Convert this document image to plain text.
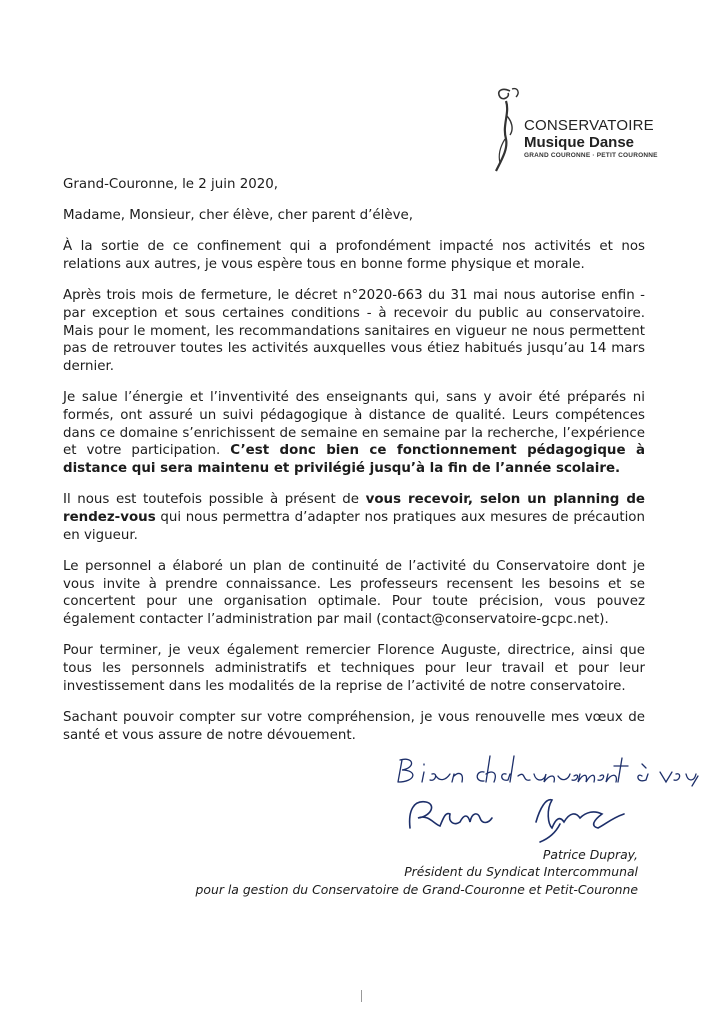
CONSERVATOIRE
Musique Danse
GRAND COURONNE · PETIT COURONNE

Grand-Couronne, le 2 juin 2020,

Madame, Monsieur, cher élève, cher parent d’élève,

À la sortie de ce confinement qui a profondément impacté nos activités et nos relations aux autres, je vous espère tous en bonne forme physique et morale.

Après trois mois de fermeture, le décret n°2020-663 du 31 mai nous autorise enfin - par exception et sous certaines conditions - à recevoir du public au conservatoire. Mais pour le moment, les recommandations sanitaires en vigueur ne nous permettent pas de retrouver toutes les activités auxquelles vous étiez habitués jusqu’au 14 mars dernier.

Je salue l’énergie et l’inventivité des enseignants qui, sans y avoir été préparés ni formés, ont assuré un suivi pédagogique à distance de qualité. Leurs compétences dans ce domaine s’enrichissent de semaine en semaine par la recherche, l’expérience et votre participation. C’est donc bien ce fonctionnement pédagogique à distance qui sera maintenu et privilégié jusqu’à la fin de l’année scolaire.

Il nous est toutefois possible à présent de vous recevoir, selon un planning de rendez-vous qui nous permettra d’adapter nos pratiques aux mesures de précaution en vigueur.

Le personnel a élaboré un plan de continuité de l’activité du Conservatoire dont je vous invite à prendre connaissance. Les professeurs recensent les besoins et se concertent pour une organisation optimale. Pour toute précision, vous pouvez également contacter l’administration par mail (contact@conservatoire-gcpc.net).

Pour terminer, je veux également remercier Florence Auguste, directrice, ainsi que tous les personnels administratifs et techniques pour leur travail et pour leur investissement dans les modalités de la reprise de l’activité de notre conservatoire.

Sachant pouvoir compter sur votre compréhension, je vous renouvelle mes vœux de santé et vous assure de notre dévouement.

Patrice Dupray,

Président du Syndicat Intercommunal

pour la gestion du Conservatoire de Grand-Couronne et Petit-Couronne
